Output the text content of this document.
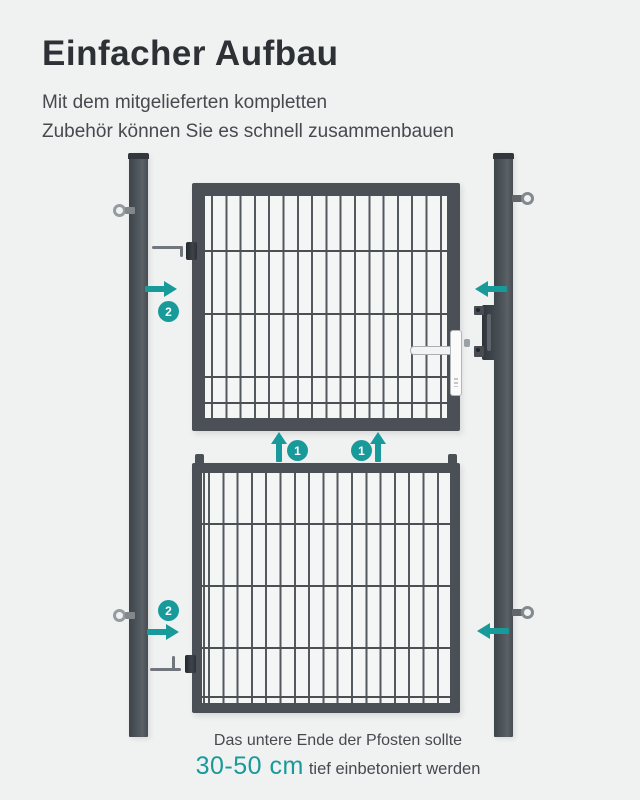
Einfacher Aufbau

Mit dem mitgelieferten kompletten
Zubehör können Sie es schnell zusammenbauen

2
2
1	1
Das untere Ende der Pfosten sollte
30-50 cm tief einbetoniert werden
